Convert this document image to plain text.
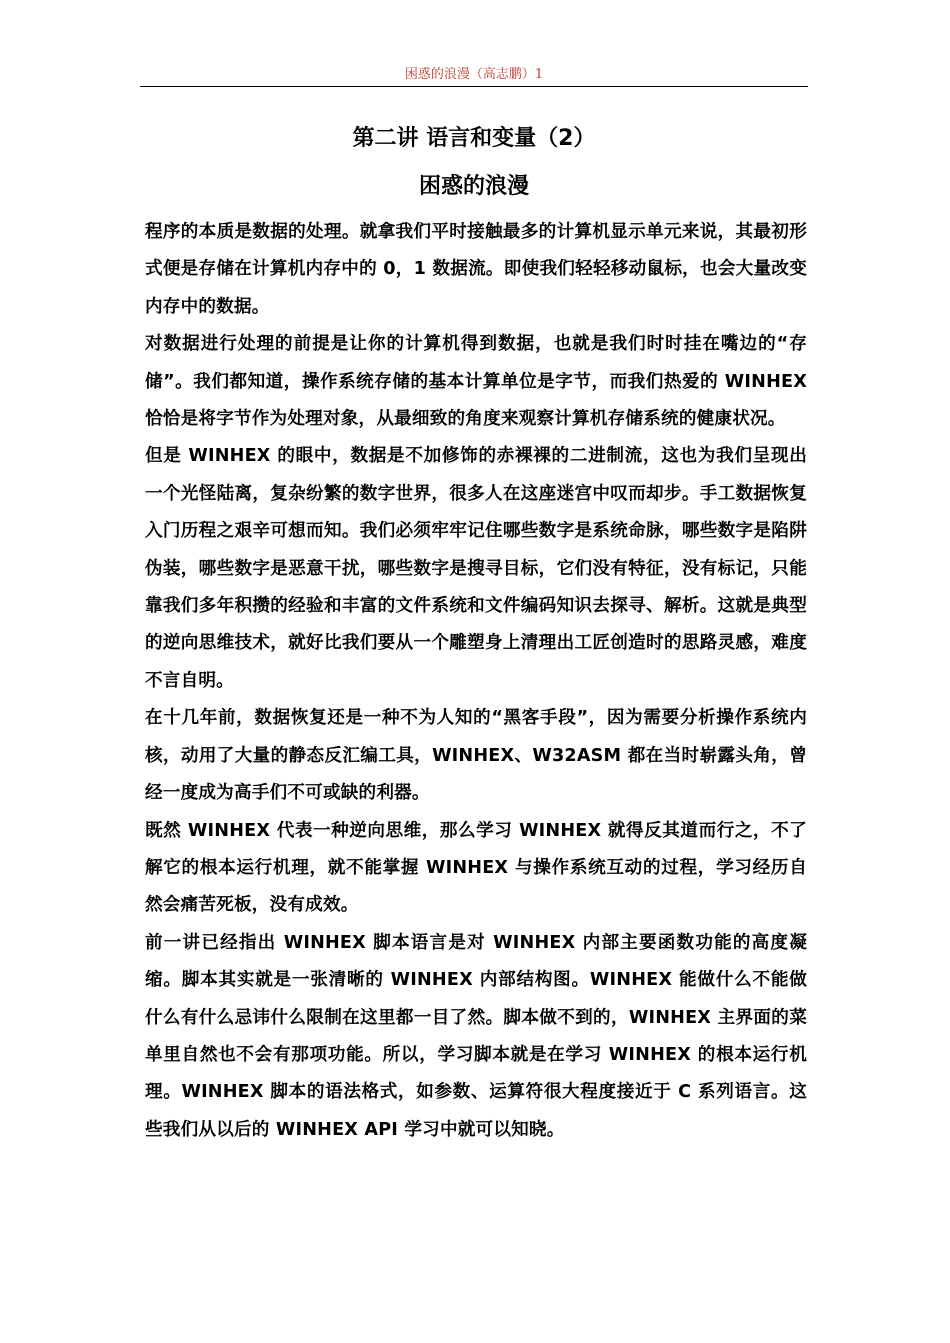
困惑的浪漫（高志鹏）1
第二讲 语言和变量（2）
困惑的浪漫

程序的本质是数据的处理。就拿我们平时接触最多的计算机显示单元来说，其最初形式便是存储在计算机内存中的 0，1 数据流。即使我们轻轻移动鼠标，也会大量改变内存中的数据。

对数据进行处理的前提是让你的计算机得到数据，也就是我们时时挂在嘴边的“存储”。我们都知道，操作系统存储的基本计算单位是字节，而我们热爱的 WINHEX 恰恰是将字节作为处理对象，从最细致的角度来观察计算机存储系统的健康状况。

但是 WINHEX 的眼中，数据是不加修饰的赤裸裸的二进制流，这也为我们呈现出一个光怪陆离，复杂纷繁的数字世界，很多人在这座迷宫中叹而却步。手工数据恢复入门历程之艰辛可想而知。我们必须牢牢记住哪些数字是系统命脉，哪些数字是陷阱伪装，哪些数字是恶意干扰，哪些数字是搜寻目标，它们没有特征，没有标记，只能靠我们多年积攒的经验和丰富的文件系统和文件编码知识去探寻、解析。这就是典型的逆向思维技术，就好比我们要从一个雕塑身上清理出工匠创造时的思路灵感，难度不言自明。

在十几年前，数据恢复还是一种不为人知的“黑客手段”，因为需要分析操作系统内核，动用了大量的静态反汇编工具，WINHEX、W32ASM 都在当时崭露头角，曾经一度成为高手们不可或缺的利器。

既然 WINHEX 代表一种逆向思维，那么学习 WINHEX 就得反其道而行之，不了解它的根本运行机理，就不能掌握 WINHEX 与操作系统互动的过程，学习经历自然会痛苦死板，没有成效。

前一讲已经指出 WINHEX 脚本语言是对 WINHEX 内部主要函数功能的高度凝缩。脚本其实就是一张清晰的 WINHEX 内部结构图。WINHEX 能做什么不能做什么有什么忌讳什么限制在这里都一目了然。脚本做不到的，WINHEX 主界面的菜单里自然也不会有那项功能。所以，学习脚本就是在学习 WINHEX 的根本运行机理。WINHEX 脚本的语法格式，如参数、运算符很大程度接近于 C 系列语言。这些我们从以后的 WINHEX API 学习中就可以知晓。
